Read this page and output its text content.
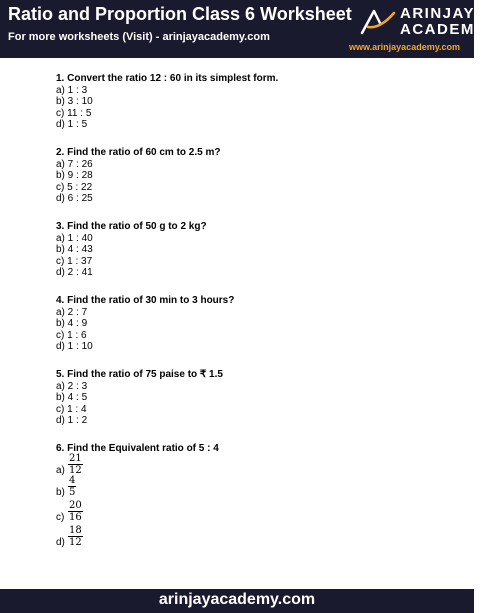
Ratio and Proportion Class 6 Worksheet
For more worksheets (Visit) - arinjayacademy.com
ARINJAY
ACADEMY
www.arinjayacademy.com
1. Convert the ratio 12 : 60 in its simplest form.
a) 1 : 3
b) 3 : 10
c) 11 : 5
d) 1 : 5
2. Find the ratio of 60 cm to 2.5 m?
a) 7 : 26
b) 9 : 28
c) 5 : 22
d) 6 : 25
3. Find the ratio of 50 g to 2 kg?
a) 1 : 40
b) 4 : 43
c) 1 : 37
d) 2 : 41
4. Find the ratio of 30 min to 3 hours?
a) 2 : 7
b) 4 : 9
c) 1 : 6
d) 1 : 10
5. Find the ratio of 75 paise to ₹ 1.5
a) 2 : 3
b) 4 : 5
c) 1 : 4
d) 1 : 2
6. Find the Equivalent ratio of 5 : 4
$a) \frac{21}{12}$
$b) \frac{4}{5}$
$c) \frac{20}{16}$
$d) \frac{18}{12}$
arinjayacademy.com
